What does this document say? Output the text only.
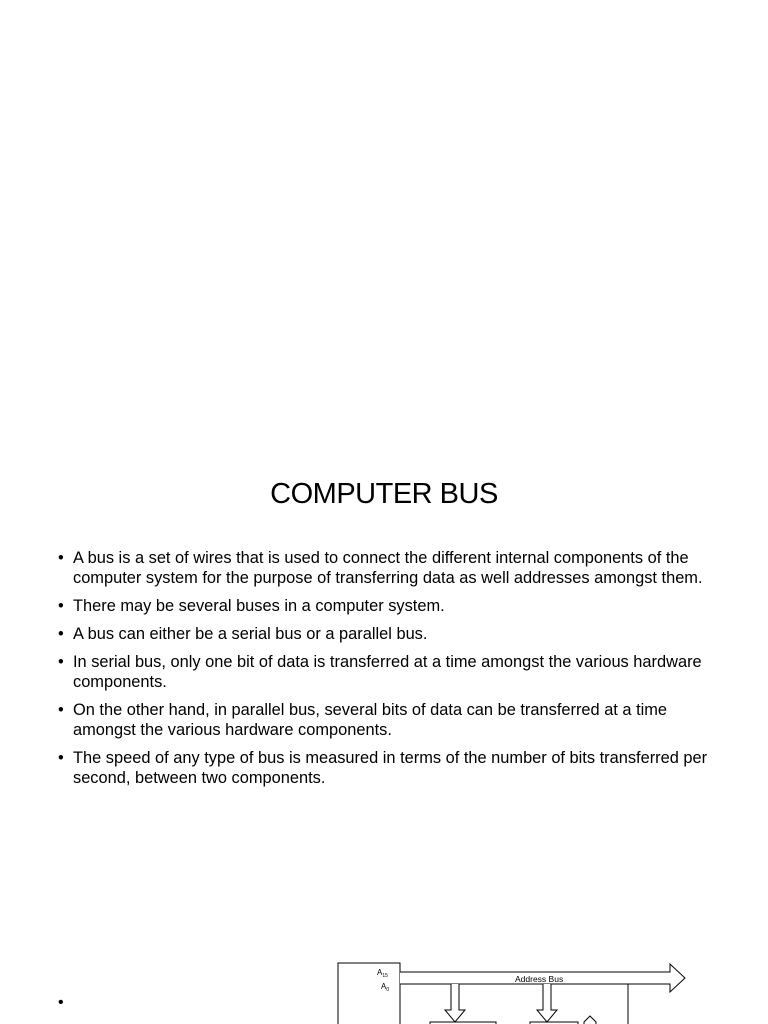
COMPUTER BUS
• A bus is a set of wires that is used to connect the different internal components of the computer system for the purpose of transferring data as well addresses amongst them.
• There may be several buses in a computer system.
• A bus can either be a serial bus or a parallel bus.
• In serial bus, only one bit of data is transferred at a time amongst the various hardware components.
• On the other hand, in parallel bus, several bits of data can be transferred at a time amongst the various hardware components.
• The speed of any type of bus is measured in terms of the number of bits transferred per second, between two components.
•
$A_{15}$
$A_0$
Address Bus
